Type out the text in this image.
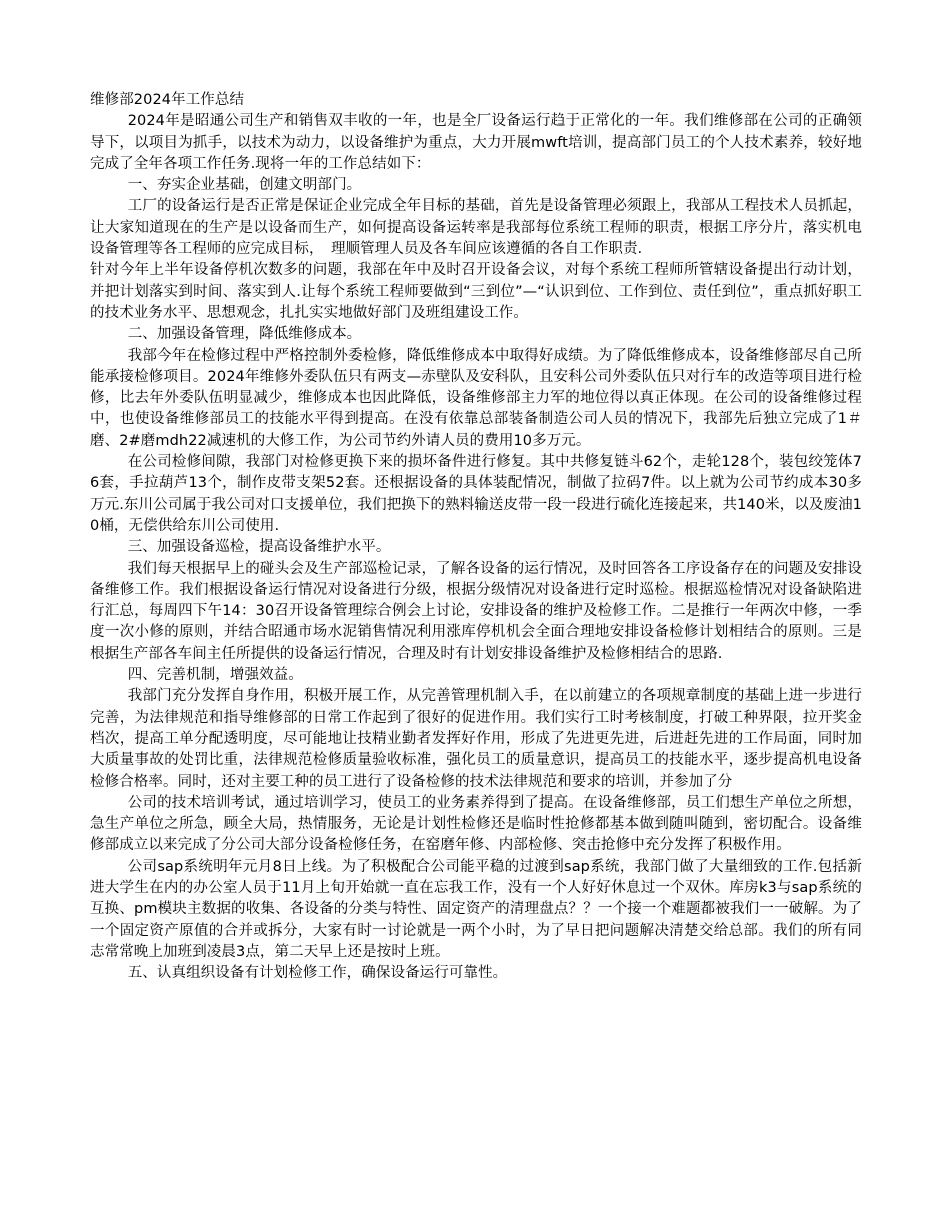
维修部2024年工作总结

2024年是昭通公司生产和销售双丰收的一年，也是全厂设备运行趋于正常化的一年。我们维修部在公司的正确领导下，以项目为抓手，以技术为动力，以设备维护为重点，大力开展mwft培训，提高部门员工的个人技术素养，较好地完成了全年各项工作任务.现将一年的工作总结如下：

一、夯实企业基础，创建文明部门。

工厂的设备运行是否正常是保证企业完成全年目标的基础，首先是设备管理必须跟上，我部从工程技术人员抓起，让大家知道现在的生产是以设备而生产，如何提高设备运转率是我部每位系统工程师的职责，根据工序分片，落实机电设备管理等各工程师的应完成目标，　理顺管理人员及各车间应该遵循的各自工作职责.

针对今年上半年设备停机次数多的问题，我部在年中及时召开设备会议，对每个系统工程师所管辖设备提出行动计划，并把计划落实到时间、落实到人.让每个系统工程师要做到“三到位”—“认识到位、工作到位、责任到位”，重点抓好职工的技术业务水平、思想观念，扎扎实实地做好部门及班组建设工作。

二、加强设备管理，降低维修成本。

我部今年在检修过程中严格控制外委检修，降低维修成本中取得好成绩。为了降低维修成本，设备维修部尽自己所能承接检修项目。2024年维修外委队伍只有两支—赤壁队及安科队，且安科公司外委队伍只对行车的改造等项目进行检修，比去年外委队伍明显减少，维修成本也因此降低，设备维修部主力军的地位得以真正体现。在公司的设备维修过程中，也使设备维修部员工的技能水平得到提高。在没有依靠总部装备制造公司人员的情况下，我部先后独立完成了1＃磨、2#磨mdh22减速机的大修工作，为公司节约外请人员的费用10多万元。

在公司检修间隙，我部门对检修更换下来的损坏备件进行修复。其中共修复链斗62个，走轮128个，装包绞笼体76套，手拉葫芦13个，制作皮带支架52套。还根据设备的具体装配情况，制做了拉码7件。以上就为公司节约成本30多万元.东川公司属于我公司对口支援单位，我们把换下的熟料输送皮带一段一段进行硫化连接起来，共140米，以及废油10桶，无偿供给东川公司使用.

三、加强设备巡检，提高设备维护水平。

我们每天根据早上的碰头会及生产部巡检记录，了解各设备的运行情况，及时回答各工序设备存在的问题及安排设备维修工作。我们根据设备运行情况对设备进行分级，根据分级情况对设备进行定时巡检。根据巡检情况对设备缺陷进行汇总，每周四下午14：30召开设备管理综合例会上讨论，安排设备的维护及检修工作。二是推行一年两次中修，一季度一次小修的原则，并结合昭通市场水泥销售情况利用涨库停机机会全面合理地安排设备检修计划相结合的原则。三是根据生产部各车间主任所提供的设备运行情况，合理及时有计划安排设备维护及检修相结合的思路.

四、完善机制，增强效益。

我部门充分发挥自身作用，积极开展工作，从完善管理机制入手，在以前建立的各项规章制度的基础上进一步进行完善，为法律规范和指导维修部的日常工作起到了很好的促进作用。我们实行工时考核制度，打破工种界限，拉开奖金档次，提高工单分配透明度，尽可能地让技精业勤者发挥好作用，形成了先进更先进，后进赶先进的工作局面，同时加大质量事故的处罚比重，法律规范检修质量验收标准，强化员工的质量意识，提高员工的技能水平，逐步提高机电设备检修合格率。同时，还对主要工种的员工进行了设备检修的技术法律规范和要求的培训，并参加了分

公司的技术培训考试，通过培训学习，使员工的业务素养得到了提高。在设备维修部，员工们想生产单位之所想，急生产单位之所急，顾全大局，热情服务，无论是计划性检修还是临时性抢修都基本做到随叫随到，密切配合。设备维修部成立以来完成了分公司大部分设备检修任务，在窑磨年修、内部检修、突击抢修中充分发挥了积极作用。

公司sap系统明年元月8日上线。为了积极配合公司能平稳的过渡到sap系统，我部门做了大量细致的工作.包括新进大学生在内的办公室人员于11月上旬开始就一直在忘我工作，没有一个人好好休息过一个双休。库房k3与sap系统的互换、pm模块主数据的收集、各设备的分类与特性、固定资产的清理盘点？？一个接一个难题都被我们一一破解。为了一个固定资产原值的合并或拆分，大家有时一讨论就是一两个小时，为了早日把问题解决清楚交给总部。我们的所有同志常常晚上加班到凌晨3点，第二天早上还是按时上班。

五、认真组织设备有计划检修工作，确保设备运行可靠性。
